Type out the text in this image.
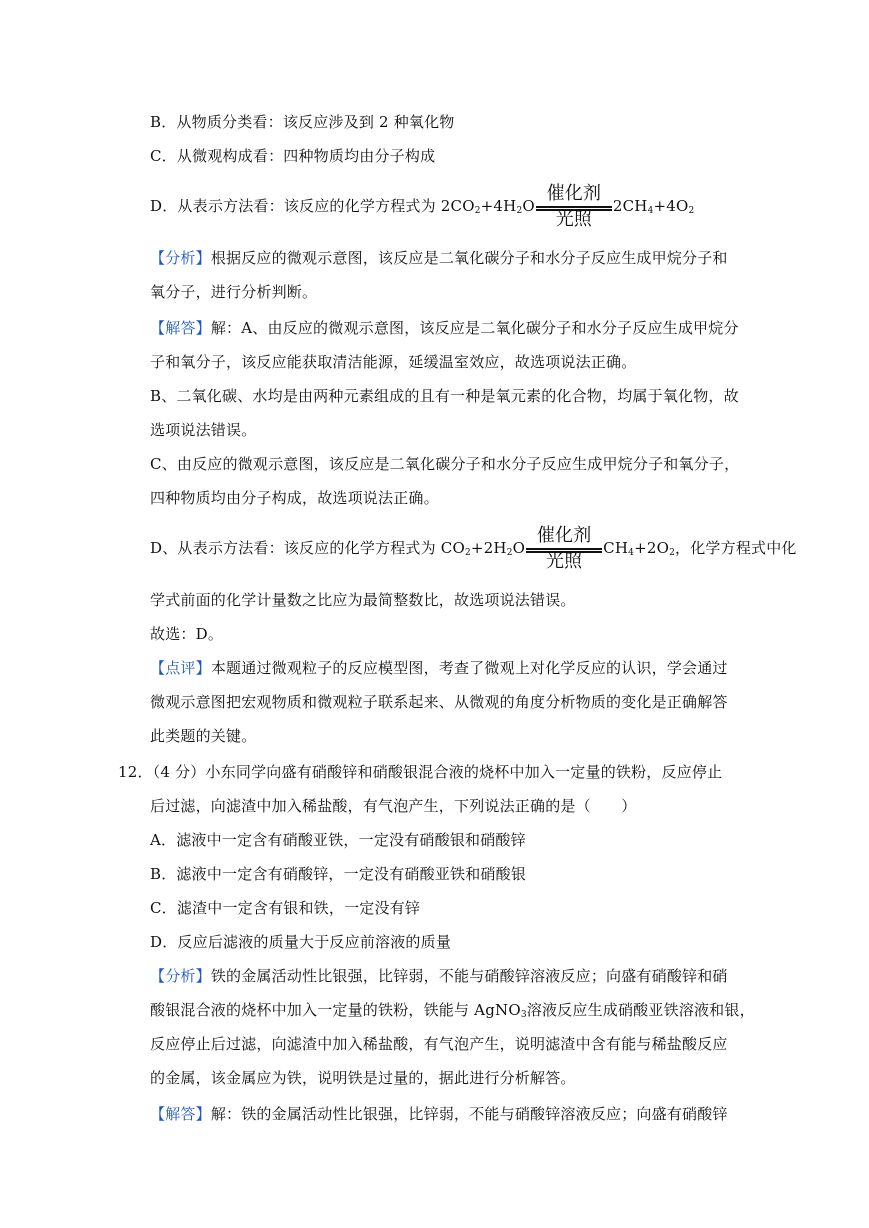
B．从物质分类看：该反应涉及到 2 种氧化物
C．从微观构成看：四种物质均由分子构成
D．从表示方法看：该反应的化学方程式为 $2CO_2+4H_2O$
催化剂
光照
$2CH_4+4O_2$
【分析】根据反应的微观示意图，该反应是二氧化碳分子和水分子反应生成甲烷分子和
氧分子，进行分析判断。
【解答】解：A、由反应的微观示意图，该反应是二氧化碳分子和水分子反应生成甲烷分
子和氧分子，该反应能获取清洁能源，延缓温室效应，故选项说法正确。
B、二氧化碳、水均是由两种元素组成的且有一种是氧元素的化合物，均属于氧化物，故
选项说法错误。
C、由反应的微观示意图，该反应是二氧化碳分子和水分子反应生成甲烷分子和氧分子，
四种物质均由分子构成，故选项说法正确。
D、从表示方法看：该反应的化学方程式为 $CO_2+2H_2O$
催化剂
光照
$CH_4+2O_2$，化学方程式中化
学式前面的化学计量数之比应为最简整数比，故选项说法错误。
故选：D。
【点评】本题通过微观粒子的反应模型图，考查了微观上对化学反应的认识，学会通过
微观示意图把宏观物质和微观粒子联系起来、从微观的角度分析物质的变化是正确解答
此类题的关键。
12．（4 分）小东同学向盛有硝酸锌和硝酸银混合液的烧杯中加入一定量的铁粉，反应停止
后过滤，向滤渣中加入稀盐酸，有气泡产生，下列说法正确的是（　　）
A．滤液中一定含有硝酸亚铁，一定没有硝酸银和硝酸锌
B．滤液中一定含有硝酸锌，一定没有硝酸亚铁和硝酸银
C．滤渣中一定含有银和铁，一定没有锌
D．反应后滤液的质量大于反应前溶液的质量
【分析】铁的金属活动性比银强，比锌弱，不能与硝酸锌溶液反应；向盛有硝酸锌和硝
酸银混合液的烧杯中加入一定量的铁粉，铁能与 AgNO$_3$溶液反应生成硝酸亚铁溶液和银，
反应停止后过滤，向滤渣中加入稀盐酸，有气泡产生，说明滤渣中含有能与稀盐酸反应
的金属，该金属应为铁，说明铁是过量的，据此进行分析解答。
【解答】解：铁的金属活动性比银强，比锌弱，不能与硝酸锌溶液反应；向盛有硝酸锌
